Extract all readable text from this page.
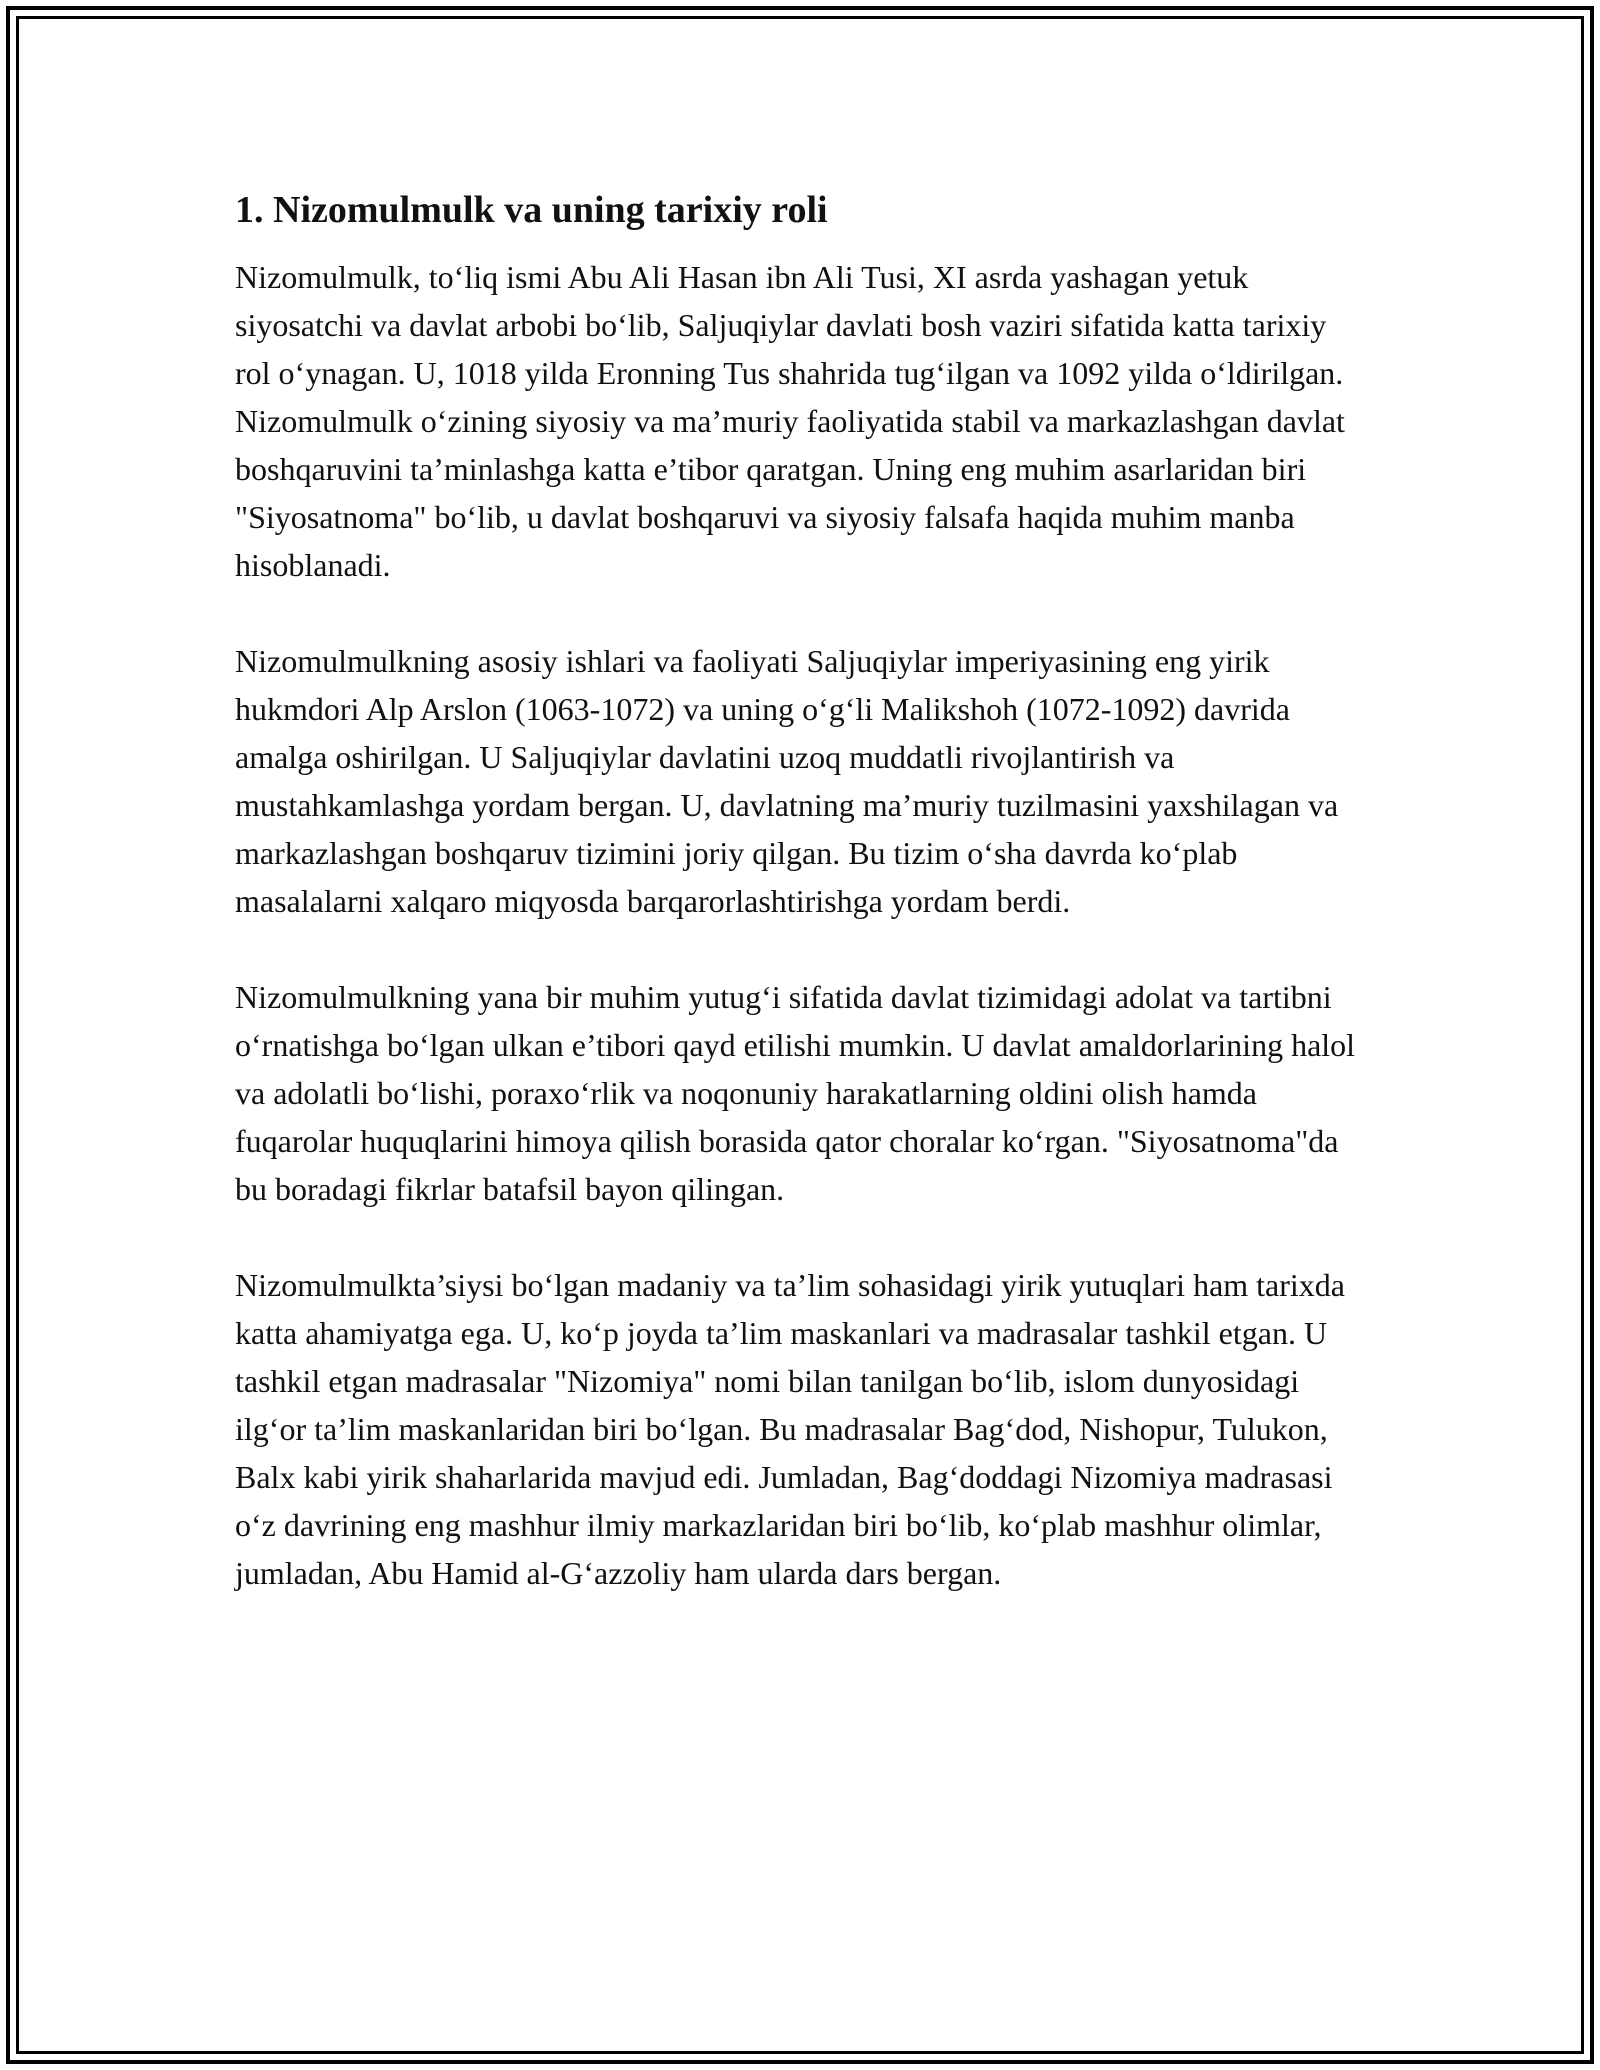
1. Nizomulmulk va uning tarixiy roli

Nizomulmulk, to‘liq ismi Abu Ali Hasan ibn Ali Tusi, XI asrda yashagan yetuk siyosatchi va davlat arbobi bo‘lib, Saljuqiylar davlati bosh vaziri sifatida katta tarixiy rol o‘ynagan. U, 1018 yilda Eronning Tus shahrida tug‘ilgan va 1092 yilda o‘ldirilgan. Nizomulmulk o‘zining siyosiy va ma’muriy faoliyatida stabil va markazlashgan davlat boshqaruvini ta’minlashga katta e’tibor qaratgan. Uning eng muhim asarlaridan biri "Siyosatnoma" bo‘lib, u davlat boshqaruvi va siyosiy falsafa haqida muhim manba hisoblanadi.

Nizomulmulkning asosiy ishlari va faoliyati Saljuqiylar imperiyasining eng yirik hukmdori Alp Arslon (1063-1072) va uning o‘g‘li Malikshoh (1072-1092) davrida amalga oshirilgan. U Saljuqiylar davlatini uzoq muddatli rivojlantirish va mustahkamlashga yordam bergan. U, davlatning ma’muriy tuzilmasini yaxshilagan va markazlashgan boshqaruv tizimini joriy qilgan. Bu tizim o‘sha davrda ko‘plab masalalarni xalqaro miqyosda barqarorlashtirishga yordam berdi.

Nizomulmulkning yana bir muhim yutug‘i sifatida davlat tizimidagi adolat va tartibni o‘rnatishga bo‘lgan ulkan e’tibori qayd etilishi mumkin. U davlat amaldorlarining halol va adolatli bo‘lishi, poraxo‘rlik va noqonuniy harakatlarning oldini olish hamda fuqarolar huquqlarini himoya qilish borasida qator choralar ko‘rgan. "Siyosatnoma"da bu boradagi fikrlar batafsil bayon qilingan.

Nizomulmulkta’siysi bo‘lgan madaniy va ta’lim sohasidagi yirik yutuqlari ham tarixda katta ahamiyatga ega. U, ko‘p joyda ta’lim maskanlari va madrasalar tashkil etgan. U tashkil etgan madrasalar "Nizomiya" nomi bilan tanilgan bo‘lib, islom dunyosidagi ilg‘or ta’lim maskanlaridan biri bo‘lgan. Bu madrasalar Bag‘dod, Nishopur, Tulukon, Balx kabi yirik shaharlarida mavjud edi. Jumladan, Bag‘doddagi Nizomiya madrasasi o‘z davrining eng mashhur ilmiy markazlaridan biri bo‘lib, ko‘plab mashhur olimlar, jumladan, Abu Hamid al-G‘azzoliy ham ularda dars bergan.
